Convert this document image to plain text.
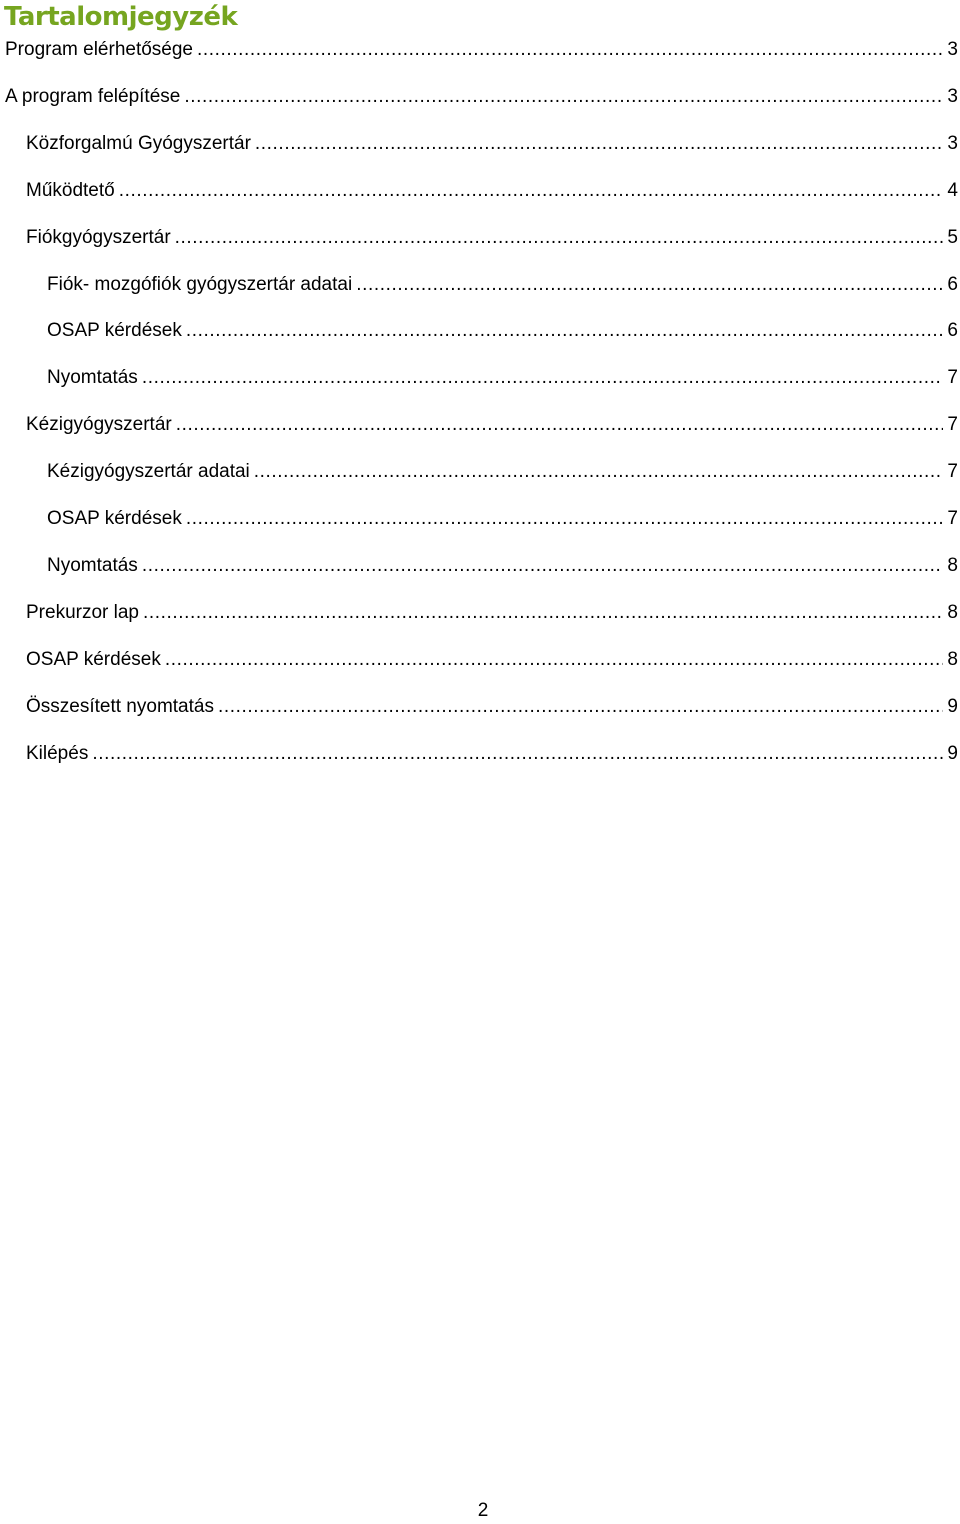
Tartalomjegyzék
Program elérhetősége .....	3
A program felépítése .....	3
Közforgalmú Gyógyszertár .....	3
Működtető .....	4
Fiókgyógyszertár .....	5
Fiók- mozgófiók gyógyszertár adatai .....	6
OSAP kérdések .....	6
Nyomtatás .....	7
Kézigyógyszertár .....	7
Kézigyógyszertár adatai .....	7
OSAP kérdések .....	7
Nyomtatás .....	8
Prekurzor lap .....	8
OSAP kérdések .....	8
Összesített nyomtatás .....	9
Kilépés .....	9
2
